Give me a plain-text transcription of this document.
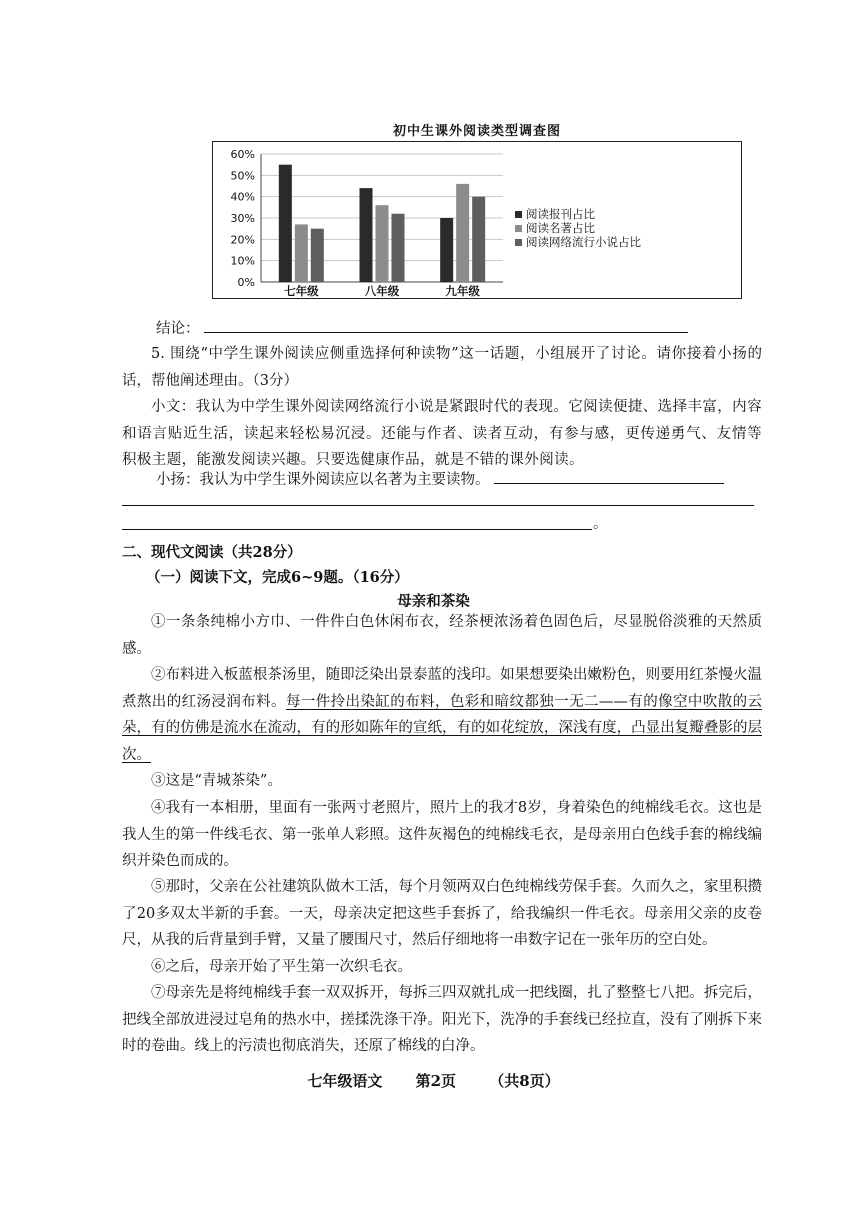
初中生课外阅读类型调查图
60%
50%
40%
30%
20%
10%
0%
七年级	八年级	九年级
阅读报刊占比
阅读名著占比
阅读网络流行小说占比
结论：
5. 围绕“中学生课外阅读应侧重选择何种读物”这一话题，小组展开了讨论。请你接着小扬的话，帮他阐述理由。（3分）
小文：我认为中学生课外阅读网络流行小说是紧跟时代的表现。它阅读便捷、选择丰富，内容和语言贴近生活，读起来轻松易沉浸。还能与作者、读者互动，有参与感，更传递勇气、友情等积极主题，能激发阅读兴趣。只要选健康作品，就是不错的课外阅读。
小扬：我认为中学生课外阅读应以名著为主要读物。
。
二、现代文阅读（共28分）
（一）阅读下文，完成6~9题。（16分）
母亲和茶染
①一条条纯棉小方巾、一件件白色休闲布衣，经茶梗浓汤着色固色后，尽显脱俗淡雅的天然质感。
②布料进入板蓝根茶汤里，随即泛染出景泰蓝的浅印。如果想要染出嫩粉色，则要用红茶慢火温煮熬出的红汤浸润布料。每一件拎出染缸的布料，色彩和暗纹都独一无二——有的像空中吹散的云朵，有的仿佛是流水在流动，有的形如陈年的宣纸，有的如花绽放，深浅有度，凸显出复瓣叠影的层次。
③这是“青城茶染”。
④我有一本相册，里面有一张两寸老照片，照片上的我才8岁，身着染色的纯棉线毛衣。这也是我人生的第一件线毛衣、第一张单人彩照。这件灰褐色的纯棉线毛衣，是母亲用白色线手套的棉线编织并染色而成的。
⑤那时，父亲在公社建筑队做木工活，每个月领两双白色纯棉线劳保手套。久而久之，家里积攒了20多双太半新的手套。一天，母亲决定把这些手套拆了，给我编织一件毛衣。母亲用父亲的皮卷尺，从我的后背量到手臂，又量了腰围尺寸，然后仔细地将一串数字记在一张年历的空白处。
⑥之后，母亲开始了平生第一次织毛衣。
⑦母亲先是将纯棉线手套一双双拆开，每拆三四双就扎成一把线圈，扎了整整七八把。拆完后，把线全部放进浸过皂角的热水中，搓揉洗涤干净。阳光下，洗净的手套线已经拉直，没有了刚拆下来时的卷曲。线上的污渍也彻底消失，还原了棉线的白净。
七年级语文 第2页 （共8页）
